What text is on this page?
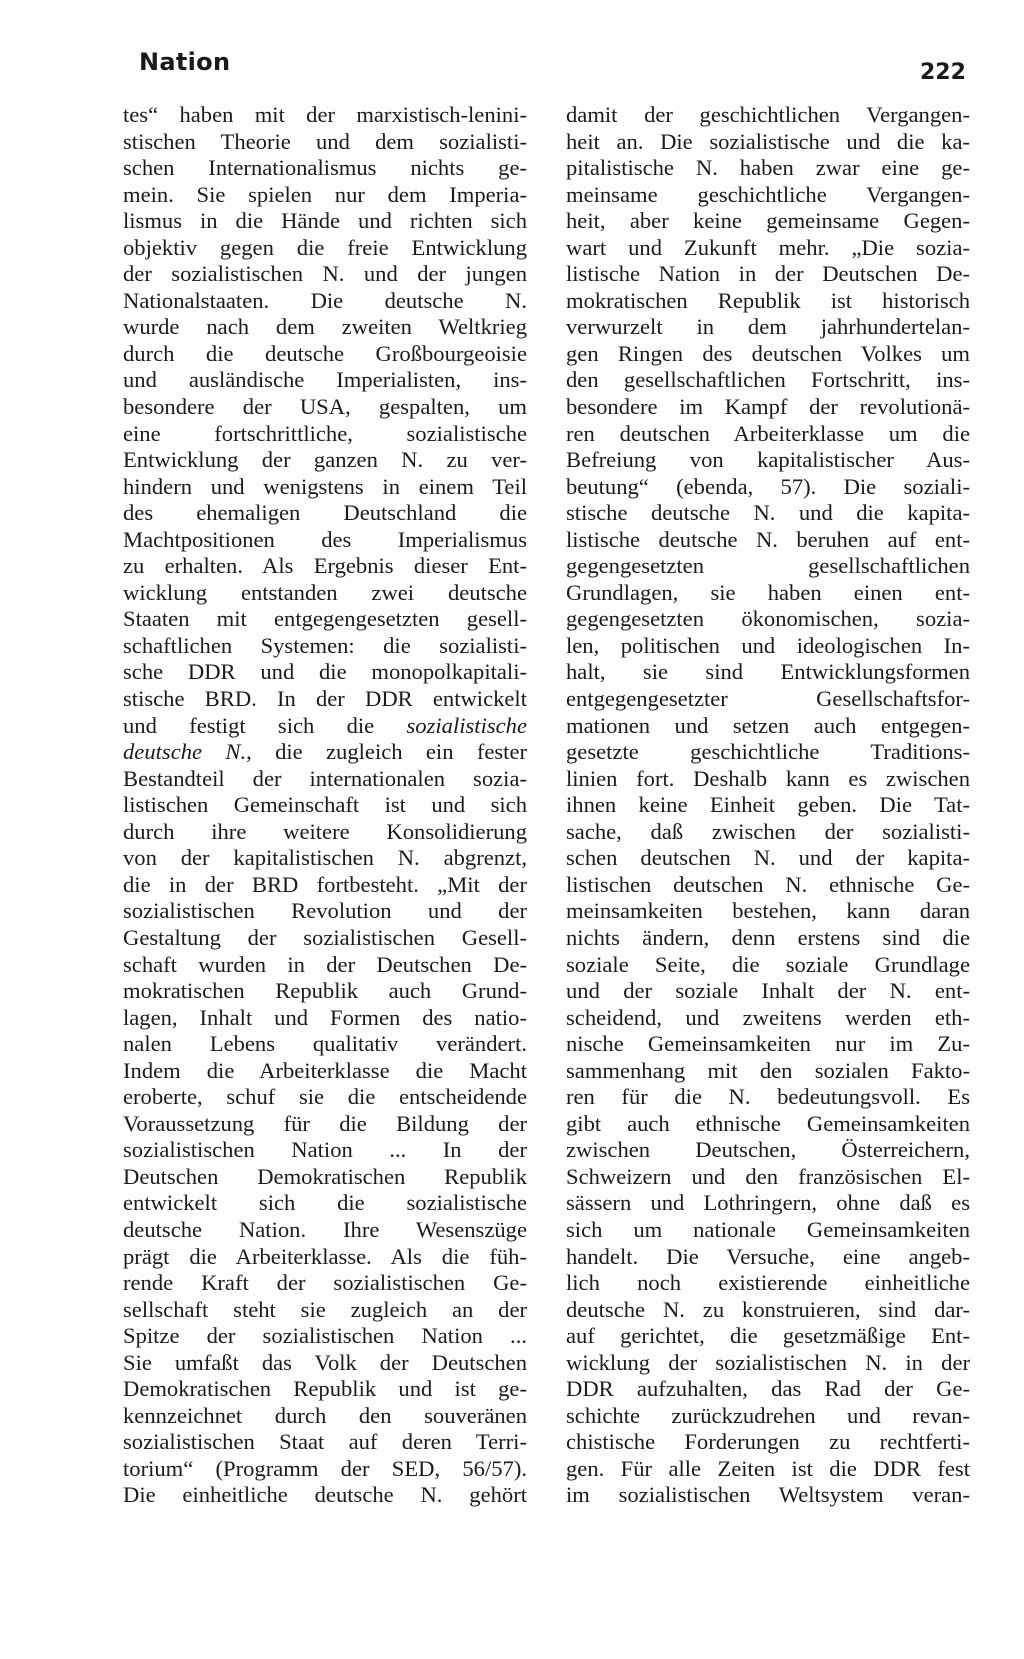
Nation	222
tes“ haben mit der marxistisch-lenini-
stischen Theorie und dem sozialisti-
schen Internationalismus nichts ge-
mein. Sie spielen nur dem Imperia-
lismus in die Hände und richten sich
objektiv gegen die freie Entwicklung
der sozialistischen N. und der jungen
Nationalstaaten. Die deutsche N.
wurde nach dem zweiten Weltkrieg
durch die deutsche Großbourgeoisie
und ausländische Imperialisten, ins-
besondere der USA, gespalten, um
eine fortschrittliche, sozialistische
Entwicklung der ganzen N. zu ver-
hindern und wenigstens in einem Teil
des ehemaligen Deutschland die
Machtpositionen des Imperialismus
zu erhalten. Als Ergebnis dieser Ent-
wicklung entstanden zwei deutsche
Staaten mit entgegengesetzten gesell-
schaftlichen Systemen: die sozialisti-
sche DDR und die monopolkapitali-
stische BRD. In der DDR entwickelt
und festigt sich die sozialistische
deutsche N., die zugleich ein fester
Bestandteil der internationalen sozia-
listischen Gemeinschaft ist und sich
durch ihre weitere Konsolidierung
von der kapitalistischen N. abgrenzt,
die in der BRD fortbesteht. „Mit der
sozialistischen Revolution und der
Gestaltung der sozialistischen Gesell-
schaft wurden in der Deutschen De-
mokratischen Republik auch Grund-
lagen, Inhalt und Formen des natio-
nalen Lebens qualitativ verändert.
Indem die Arbeiterklasse die Macht
eroberte, schuf sie die entscheidende
Voraussetzung für die Bildung der
sozialistischen Nation ... In der
Deutschen Demokratischen Republik
entwickelt sich die sozialistische
deutsche Nation. Ihre Wesenszüge
prägt die Arbeiterklasse. Als die füh-
rende Kraft der sozialistischen Ge-
sellschaft steht sie zugleich an der
Spitze der sozialistischen Nation ...
Sie umfaßt das Volk der Deutschen
Demokratischen Republik und ist ge-
kennzeichnet durch den souveränen
sozialistischen Staat auf deren Terri-
torium“ (Programm der SED, 56/57).
Die einheitliche deutsche N. gehört
damit der geschichtlichen Vergangen-
heit an. Die sozialistische und die ka-
pitalistische N. haben zwar eine ge-
meinsame geschichtliche Vergangen-
heit, aber keine gemeinsame Gegen-
wart und Zukunft mehr. „Die sozia-
listische Nation in der Deutschen De-
mokratischen Republik ist historisch
verwurzelt in dem jahrhundertelan-
gen Ringen des deutschen Volkes um
den gesellschaftlichen Fortschritt, ins-
besondere im Kampf der revolutionä-
ren deutschen Arbeiterklasse um die
Befreiung von kapitalistischer Aus-
beutung“ (ebenda, 57). Die soziali-
stische deutsche N. und die kapita-
listische deutsche N. beruhen auf ent-
gegengesetzten gesellschaftlichen
Grundlagen, sie haben einen ent-
gegengesetzten ökonomischen, sozia-
len, politischen und ideologischen In-
halt, sie sind Entwicklungsformen
entgegengesetzter Gesellschaftsfor-
mationen und setzen auch entgegen-
gesetzte geschichtliche Traditions-
linien fort. Deshalb kann es zwischen
ihnen keine Einheit geben. Die Tat-
sache, daß zwischen der sozialisti-
schen deutschen N. und der kapita-
listischen deutschen N. ethnische Ge-
meinsamkeiten bestehen, kann daran
nichts ändern, denn erstens sind die
soziale Seite, die soziale Grundlage
und der soziale Inhalt der N. ent-
scheidend, und zweitens werden eth-
nische Gemeinsamkeiten nur im Zu-
sammenhang mit den sozialen Fakto-
ren für die N. bedeutungsvoll. Es
gibt auch ethnische Gemeinsamkeiten
zwischen Deutschen, Österreichern,
Schweizern und den französischen El-
sässern und Lothringern, ohne daß es
sich um nationale Gemeinsamkeiten
handelt. Die Versuche, eine angeb-
lich noch existierende einheitliche
deutsche N. zu konstruieren, sind dar-
auf gerichtet, die gesetzmäßige Ent-
wicklung der sozialistischen N. in der
DDR aufzuhalten, das Rad der Ge-
schichte zurückzudrehen und revan-
chistische Forderungen zu rechtferti-
gen. Für alle Zeiten ist die DDR fest
im sozialistischen Weltsystem veran-
